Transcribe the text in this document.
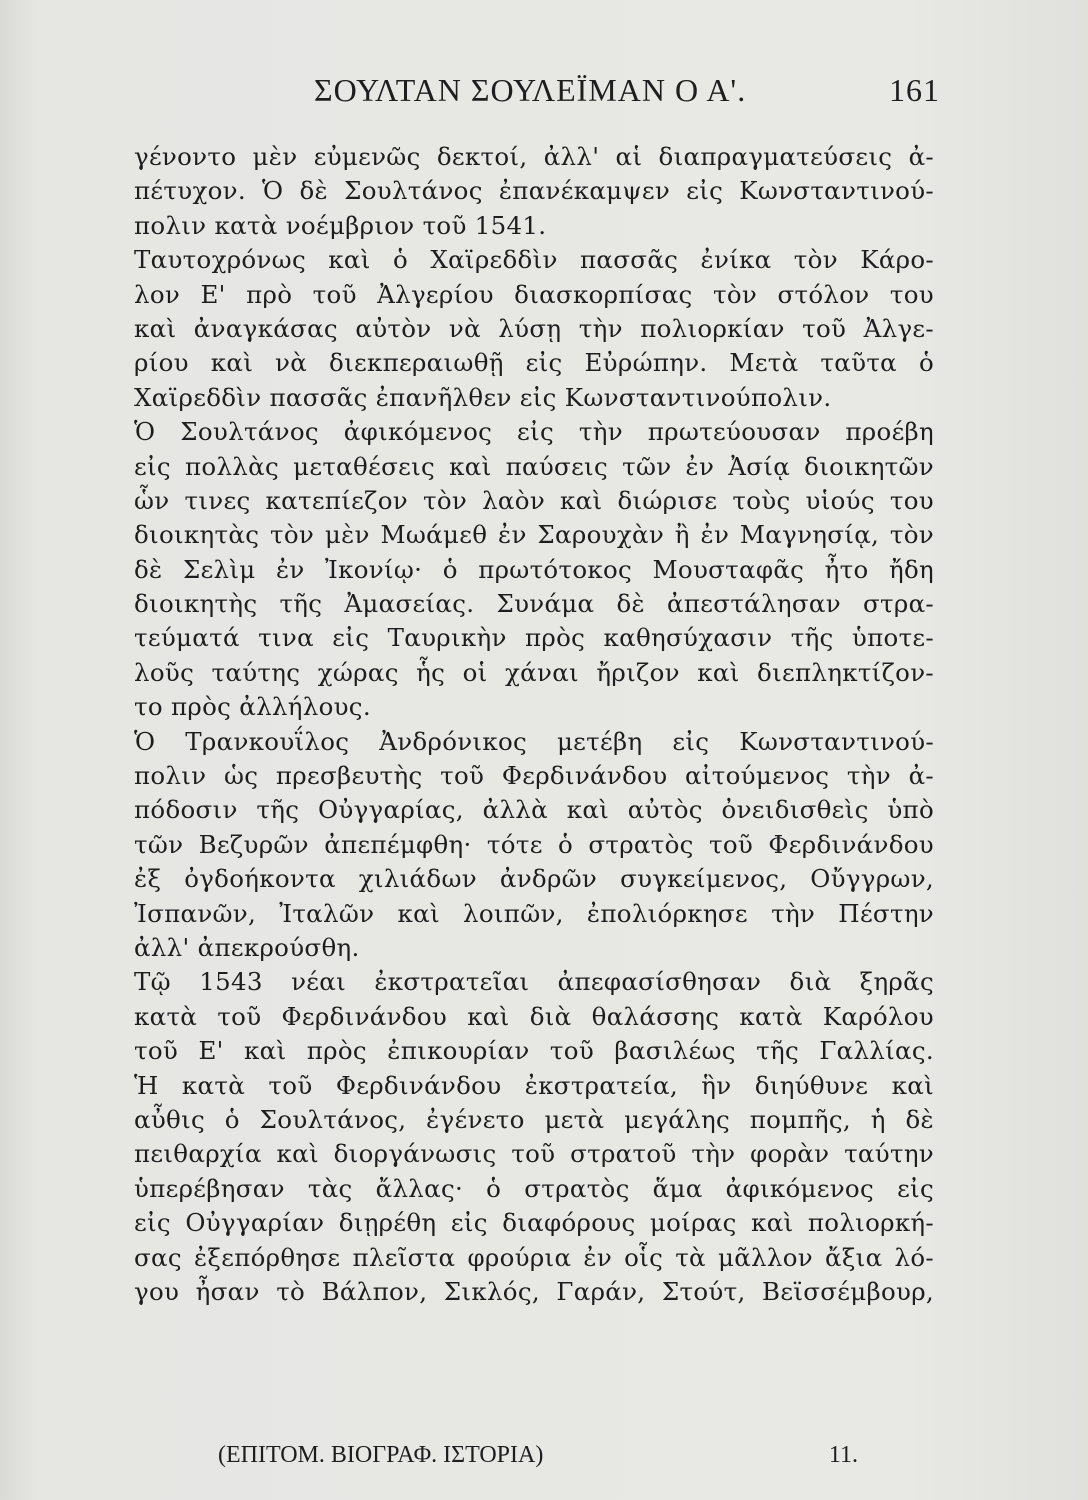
ΣΟΥΛΤΑΝ ΣΟΥΛΕΪΜΑΝ Ο Α'.	161
γένοντο μὲν εὐμενῶς δεκτοί, ἀλλ' αἱ διαπραγματεύσεις ἀ-
πέτυχον. Ὁ δὲ Σουλτάνος ἐπανέκαμψεν εἰς Κωνσταντινού-
πολιν κατὰ νοέμβριον τοῦ 1541.
Ταυτοχρόνως καὶ ὁ Χαϊρεδδὶν πασσᾶς ἐνίκα τὸν Κάρο-
λον Ε' πρὸ τοῦ Ἀλγερίου διασκορπίσας τὸν στόλον του
καὶ ἀναγκάσας αὐτὸν νὰ λύσῃ τὴν πολιορκίαν τοῦ Ἀλγε-
ρίου καὶ νὰ διεκπεραιωθῇ εἰς Εὐρώπην. Μετὰ ταῦτα ὁ
Χαϊρεδδὶν πασσᾶς ἐπανῆλθεν εἰς Κωνσταντινούπολιν.
Ὁ Σουλτάνος ἀφικόμενος εἰς τὴν πρωτεύουσαν προέβη
εἰς πολλὰς μεταθέσεις καὶ παύσεις τῶν ἐν Ἀσίᾳ διοικητῶν
ὧν τινες κατεπίεζον τὸν λαὸν καὶ διώρισε τοὺς υἱούς του
διοικητὰς τὸν μὲν Μωάμεθ ἐν Σαρουχὰν ἢ ἐν Μαγνησίᾳ, τὸν
δὲ Σελὶμ ἐν Ἰκονίῳ· ὁ πρωτότοκος Μουσταφᾶς ἦτο ἤδη
διοικητὴς τῆς Ἀμασείας. Συνάμα δὲ ἀπεστάλησαν στρα-
τεύματά τινα εἰς Ταυρικὴν πρὸς καθησύχασιν τῆς ὑποτε-
λοῦς ταύτης χώρας ἧς οἱ χάναι ἤριζον καὶ διεπληκτίζον-
το πρὸς ἀλλήλους.
Ὁ Τρανκουΐλος Ἀνδρόνικος μετέβη εἰς Κωνσταντινού-
πολιν ὡς πρεσβευτὴς τοῦ Φερδινάνδου αἰτούμενος τὴν ἀ-
πόδοσιν τῆς Οὐγγαρίας, ἀλλὰ καὶ αὐτὸς ὀνειδισθεὶς ὑπὸ
τῶν Βεζυρῶν ἀπεπέμφθη· τότε ὁ στρατὸς τοῦ Φερδινάνδου
ἐξ ὀγδοήκοντα χιλιάδων ἀνδρῶν συγκείμενος, Οὔγγρων,
Ἰσπανῶν, Ἰταλῶν καὶ λοιπῶν, ἐπολιόρκησε τὴν Πέστην
ἀλλ' ἀπεκρούσθη.
Τῷ 1543 νέαι ἐκστρατεῖαι ἀπεφασίσθησαν διὰ ξηρᾶς
κατὰ τοῦ Φερδινάνδου καὶ διὰ θαλάσσης κατὰ Καρόλου
τοῦ Ε' καὶ πρὸς ἐπικουρίαν τοῦ βασιλέως τῆς Γαλλίας.
Ἡ κατὰ τοῦ Φερδινάνδου ἐκστρατεία, ἣν διηύθυνε καὶ
αὖθις ὁ Σουλτάνος, ἐγένετο μετὰ μεγάλης πομπῆς, ἡ δὲ
πειθαρχία καὶ διοργάνωσις τοῦ στρατοῦ τὴν φορὰν ταύτην
ὑπερέβησαν τὰς ἄλλας· ὁ στρατὸς ἅμα ἀφικόμενος εἰς
εἰς Οὐγγαρίαν διῃρέθη εἰς διαφόρους μοίρας καὶ πολιορκή-
σας ἐξεπόρθησε πλεῖστα φρούρια ἐν οἷς τὰ μᾶλλον ἄξια λό-
γου ἦσαν τὸ Βάλπον, Σικλός, Γαράν, Στούτ, Βεϊσσέμβουρ,
(ΕΠΙΤΟΜ. ΒΙΟΓΡΑΦ. ΙΣΤΟΡΙΑ)	11.
